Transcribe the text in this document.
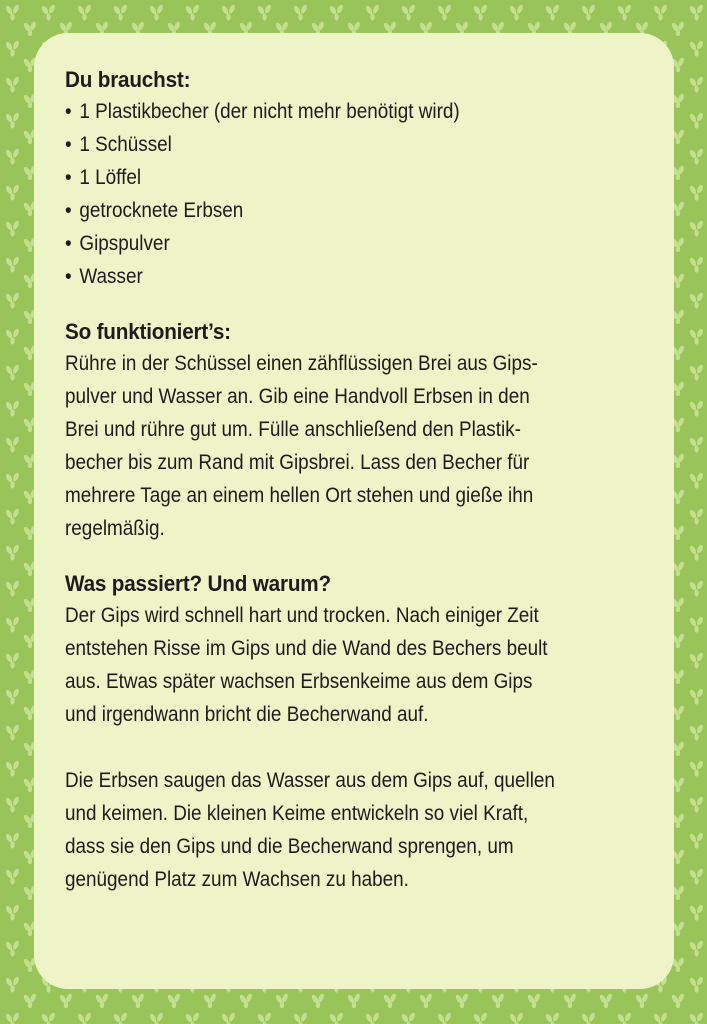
Du brauchst:
• 1 Plastikbecher (der nicht mehr benötigt wird)
• 1 Schüssel
• 1 Löffel
• getrocknete Erbsen
• Gipspulver
• Wasser
So funktioniert’s:
Rühre in der Schüssel einen zähflüssigen Brei aus Gips-
pulver und Wasser an. Gib eine Handvoll Erbsen in den
Brei und rühre gut um. Fülle anschließend den Plastik-
becher bis zum Rand mit Gipsbrei. Lass den Becher für
mehrere Tage an einem hellen Ort stehen und gieße ihn
regelmäßig.
Was passiert? Und warum?
Der Gips wird schnell hart und trocken. Nach einiger Zeit
entstehen Risse im Gips und die Wand des Bechers beult
aus. Etwas später wachsen Erbsenkeime aus dem Gips
und irgendwann bricht die Becherwand auf.
Die Erbsen saugen das Wasser aus dem Gips auf, quellen
und keimen. Die kleinen Keime entwickeln so viel Kraft,
dass sie den Gips und die Becherwand sprengen, um
genügend Platz zum Wachsen zu haben.
